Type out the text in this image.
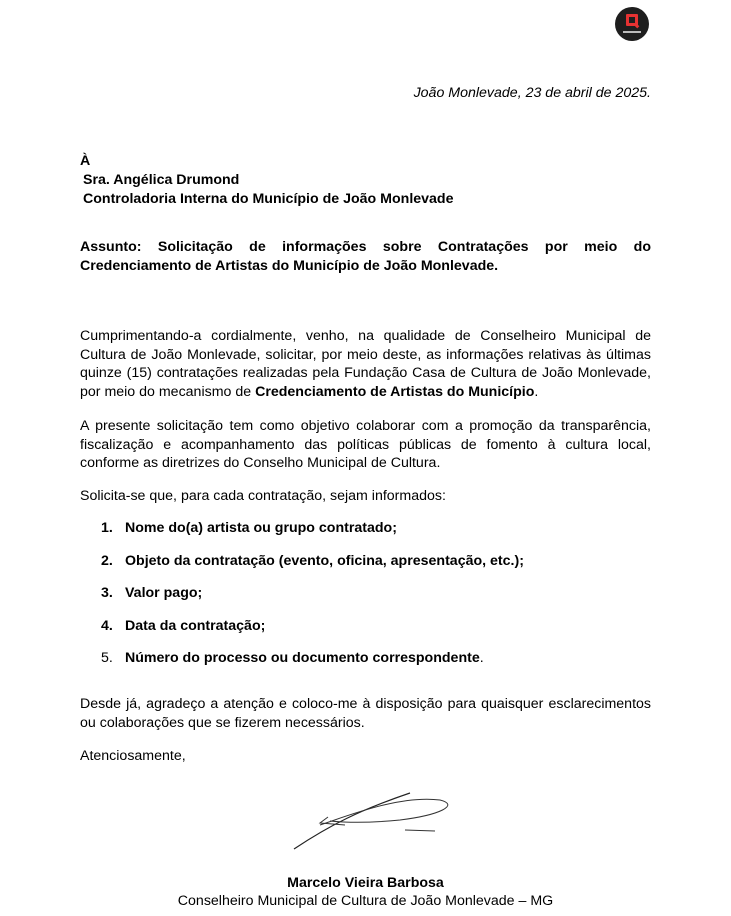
João Monlevade, 23 de abril de 2025.
À
Sra. Angélica Drumond
Controladoria Interna do Município de João Monlevade
Assunto: Solicitação de informações sobre Contratações por meio do
Credenciamento de Artistas do Município de João Monlevade.
Cumprimentando-a cordialmente, venho, na qualidade de Conselheiro Municipal de Cultura de João Monlevade, solicitar, por meio deste, as informações relativas às últimas quinze (15) contratações realizadas pela Fundação Casa de Cultura de João Monlevade, por meio do mecanismo de Credenciamento de Artistas do Município.
A presente solicitação tem como objetivo colaborar com a promoção da transparência, fiscalização e acompanhamento das políticas públicas de fomento à cultura local, conforme as diretrizes do Conselho Municipal de Cultura.
Solicita-se que, para cada contratação, sejam informados:
1. Nome do(a) artista ou grupo contratado;
2. Objeto da contratação (evento, oficina, apresentação, etc.);
3. Valor pago;
4. Data da contratação;
5. Número do processo ou documento correspondente .
Desde já, agradeço a atenção e coloco-me à disposição para quaisquer esclarecimentos ou colaborações que se fizerem necessários.
Atenciosamente,
Marcelo Vieira Barbosa
Conselheiro Municipal de Cultura de João Monlevade – MG
